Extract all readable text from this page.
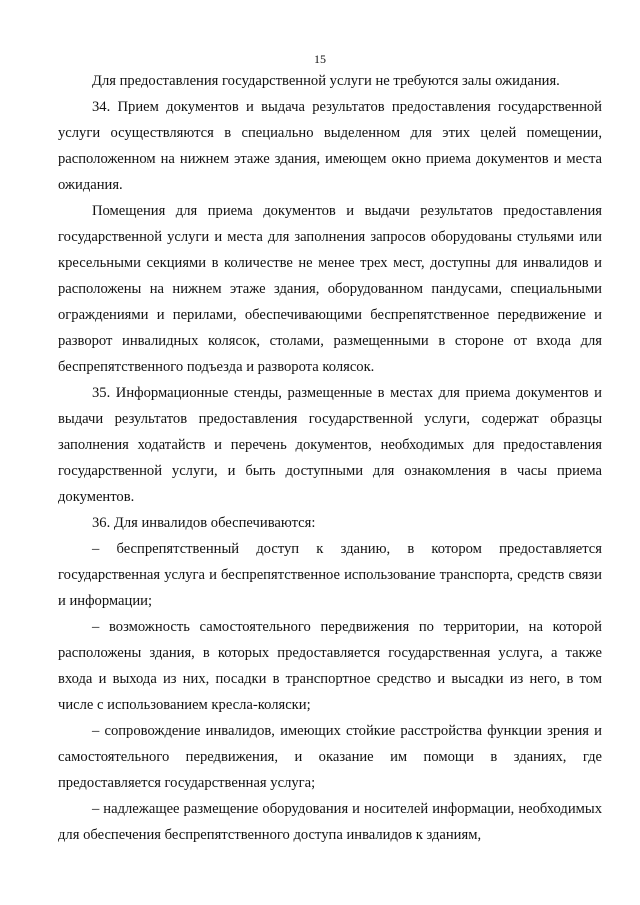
15

Для предоставления государственной услуги не требуются залы ожидания.

34. Прием документов и выдача результатов предоставления государственной услуги осуществляются в специально выделенном для этих целей помещении, расположенном на нижнем этаже здания, имеющем окно приема документов и места ожидания.

Помещения для приема документов и выдачи результатов предоставления государственной услуги и места для заполнения запросов оборудованы стульями или кресельными секциями в количестве не менее трех мест, доступны для инвалидов и расположены на нижнем этаже здания, оборудованном пандусами, специальными ограждениями и перилами, обеспечивающими беспрепятственное передвижение и разворот инвалидных колясок, столами, размещенными в стороне от входа для беспрепятственного подъезда и разворота колясок.

35. Информационные стенды, размещенные в местах для приема документов и выдачи результатов предоставления государственной услуги, содержат образцы заполнения ходатайств и перечень документов, необходимых для предоставления государственной услуги, и быть доступными для ознакомления в часы приема документов.

36. Для инвалидов обеспечиваются:

– беспрепятственный доступ к зданию, в котором предоставляется государственная услуга и беспрепятственное использование транспорта, средств связи и информации;

– возможность самостоятельного передвижения по территории, на которой расположены здания, в которых предоставляется государственная услуга, а также входа и выхода из них, посадки в транспортное средство и высадки из него, в том числе с использованием кресла-коляски;

– сопровождение инвалидов, имеющих стойкие расстройства функции зрения и самостоятельного передвижения, и оказание им помощи в зданиях, где предоставляется государственная услуга;

– надлежащее размещение оборудования и носителей информации, необходимых для обеспечения беспрепятственного доступа инвалидов к зданиям,
